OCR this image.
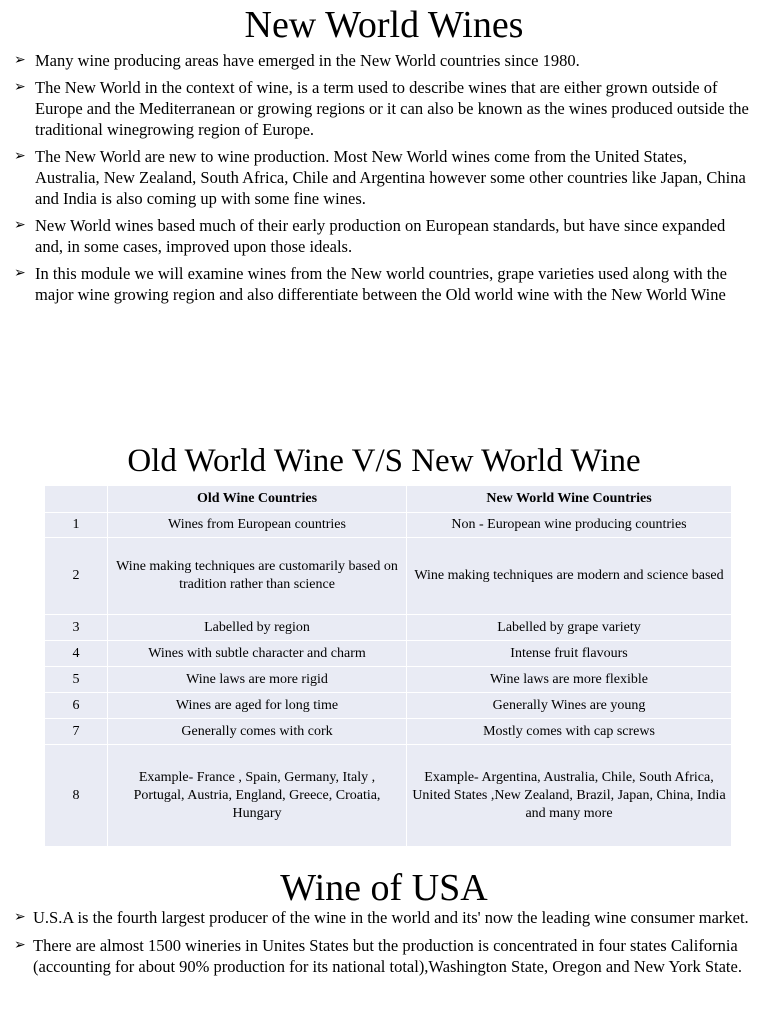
New World Wines
➢ Many wine producing areas have emerged in the New World countries since 1980.
➢ The New World in the context of wine, is a term used to describe wines that are either grown outside of Europe and the Mediterranean or growing regions or it can also be known as the wines produced outside the traditional winegrowing region of Europe.
➢ The New World are new to wine production. Most New World wines come from the United States, Australia, New Zealand, South Africa, Chile and Argentina however some other countries like Japan, China and India is also coming up with some fine wines.
➢ New World wines based much of their early production on European standards, but have since expanded and, in some cases, improved upon those ideals.
➢ In this module we will examine wines from the New world countries, grape varieties used along with the major wine growing region and also differentiate between the Old world wine with the New World Wine
Old World Wine V/S New World Wine
	Old Wine Countries	New World Wine Countries
1	Wines from European countries	Non - European wine producing countries
2	Wine making techniques are customarily based on tradition rather than science	Wine making techniques are modern and science based
3	Labelled by region	Labelled by grape variety
4	Wines with subtle character and charm	Intense fruit flavours
5	Wine laws are more rigid	Wine laws are more flexible
6	Wines are aged for long time	Generally Wines are young
7	Generally comes with cork	Mostly comes with cap screws
8	Example- France , Spain, Germany, Italy , Portugal, Austria, England, Greece, Croatia, Hungary	Example- Argentina, Australia, Chile, South Africa, United States ,New Zealand, Brazil, Japan, China, India and many more
Wine of USA
➢ U.S.A is the fourth largest producer of the wine in the world and its' now the leading wine consumer market.
➢ There are almost 1500 wineries in Unites States but the production is concentrated in four states California (accounting for about 90% production for its national total),Washington State, Oregon and New York State.
